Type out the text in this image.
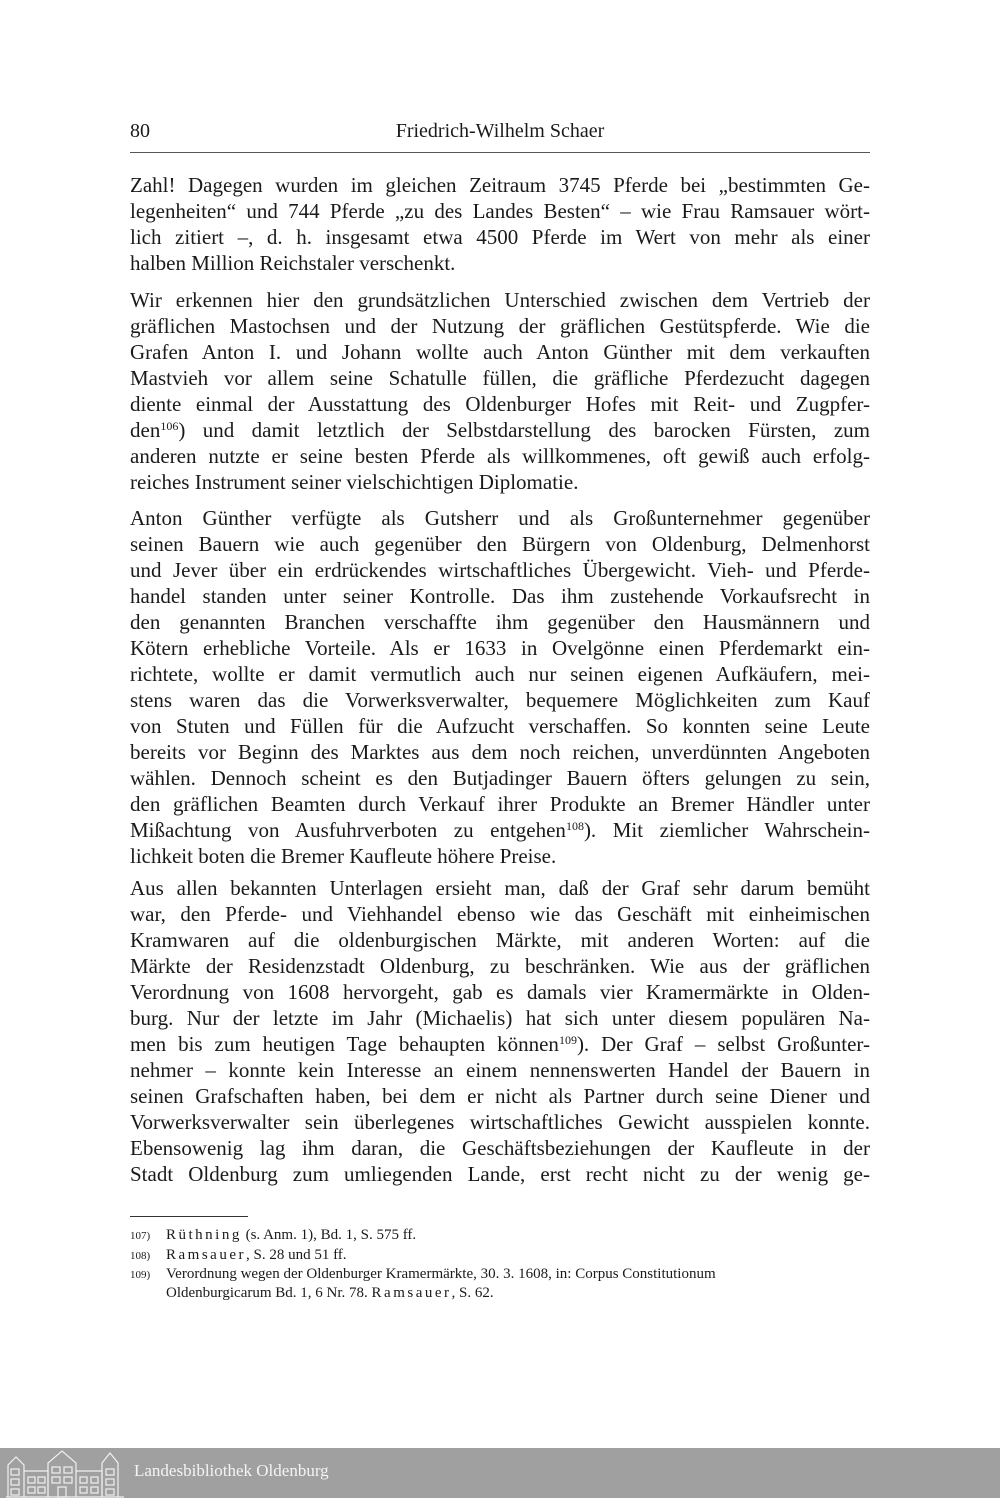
80	Friedrich-Wilhelm Schaer
Zahl! Dagegen wurden im gleichen Zeitraum 3745 Pferde bei „bestimmten Ge-
legenheiten“ und 744 Pferde „zu des Landes Besten“ – wie Frau Ramsauer wört-
lich zitiert –, d. h. insgesamt etwa 4500 Pferde im Wert von mehr als einer
halben Million Reichstaler verschenkt.
Wir erkennen hier den grundsätzlichen Unterschied zwischen dem Vertrieb der
gräflichen Mastochsen und der Nutzung der gräflichen Gestütspferde. Wie die
Grafen Anton I. und Johann wollte auch Anton Günther mit dem verkauften
Mastvieh vor allem seine Schatulle füllen, die gräfliche Pferdezucht dagegen
diente einmal der Ausstattung des Oldenburger Hofes mit Reit- und Zugpfer-
den$^{106}$) und damit letztlich der Selbstdarstellung des barocken Fürsten, zum
anderen nutzte er seine besten Pferde als willkommenes, oft gewiß auch erfolg-
reiches Instrument seiner vielschichtigen Diplomatie.
Anton Günther verfügte als Gutsherr und als Großunternehmer gegenüber
seinen Bauern wie auch gegenüber den Bürgern von Oldenburg, Delmenhorst
und Jever über ein erdrückendes wirtschaftliches Übergewicht. Vieh- und Pferde-
handel standen unter seiner Kontrolle. Das ihm zustehende Vorkaufsrecht in
den genannten Branchen verschaffte ihm gegenüber den Hausmännern und
Kötern erhebliche Vorteile. Als er 1633 in Ovelgönne einen Pferdemarkt ein-
richtete, wollte er damit vermutlich auch nur seinen eigenen Aufkäufern, mei-
stens waren das die Vorwerksverwalter, bequemere Möglichkeiten zum Kauf
von Stuten und Füllen für die Aufzucht verschaffen. So konnten seine Leute
bereits vor Beginn des Marktes aus dem noch reichen, unverdünnten Angeboten
wählen. Dennoch scheint es den Butjadinger Bauern öfters gelungen zu sein,
den gräflichen Beamten durch Verkauf ihrer Produkte an Bremer Händler unter
Mißachtung von Ausfuhrverboten zu entgehen$^{108}$). Mit ziemlicher Wahrschein-
lichkeit boten die Bremer Kaufleute höhere Preise.
Aus allen bekannten Unterlagen ersieht man, daß der Graf sehr darum bemüht
war, den Pferde- und Viehhandel ebenso wie das Geschäft mit einheimischen
Kramwaren auf die oldenburgischen Märkte, mit anderen Worten: auf die
Märkte der Residenzstadt Oldenburg, zu beschränken. Wie aus der gräflichen
Verordnung von 1608 hervorgeht, gab es damals vier Kramermärkte in Olden-
burg. Nur der letzte im Jahr (Michaelis) hat sich unter diesem populären Na-
men bis zum heutigen Tage behaupten können$^{109}$). Der Graf – selbst Großunter-
nehmer – konnte kein Interesse an einem nennenswerten Handel der Bauern in
seinen Grafschaften haben, bei dem er nicht als Partner durch seine Diener und
Vorwerksverwalter sein überlegenes wirtschaftliches Gewicht ausspielen konnte.
Ebensowenig lag ihm daran, die Geschäftsbeziehungen der Kaufleute in der
Stadt Oldenburg zum umliegenden Lande, erst recht nicht zu der wenig ge-
107)	Rüthning (s. Anm. 1), Bd. 1, S. 575 ff.
108)	Ramsauer, S. 28 und 51 ff.
109)	Verordnung wegen der Oldenburger Kramermärkte, 30. 3. 1608, in: Corpus Constitutionum
Oldenburgicarum Bd. 1, 6 Nr. 78. Ramsauer, S. 62.
Landesbibliothek Oldenburg
